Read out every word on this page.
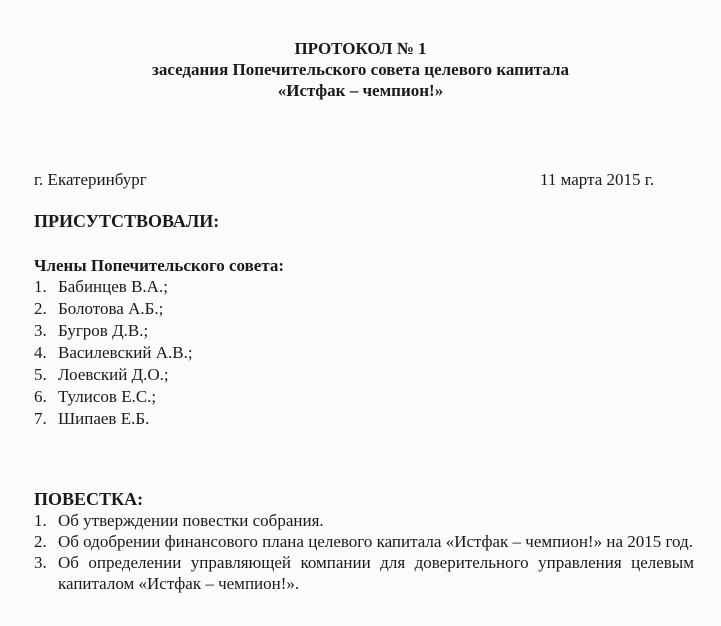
ПРОТОКОЛ № 1
заседания Попечительского совета целевого капитала
«Истфак – чемпион!»
г. Екатеринбург	11 марта 2015 г.
ПРИСУТСТВОВАЛИ:
Члены Попечительского совета:
1. Бабинцев В.А.;
2. Болотова А.Б.;
3. Бугров Д.В.;
4. Василевский А.В.;
5. Лоевский Д.О.;
6. Тулисов Е.С.;
7. Шипаев Е.Б.
ПОВЕСТКА:
1. Об утверждении повестки собрания.
2. Об одобрении финансового плана целевого капитала «Истфак – чемпион!» на 2015 год.
3. Об определении управляющей компании для доверительного управления целевым капиталом «Истфак – чемпион!».
